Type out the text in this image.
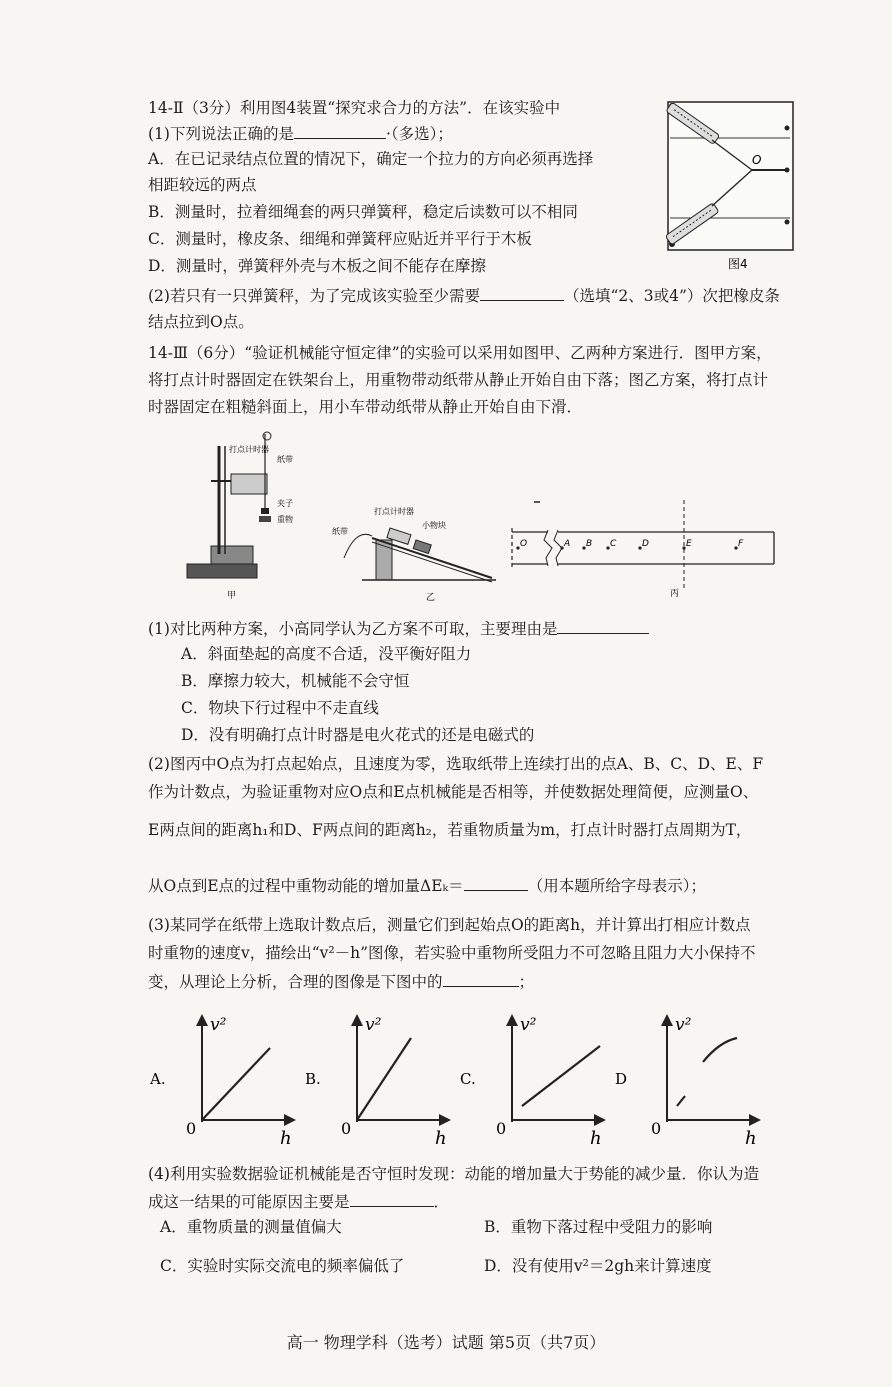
14-Ⅱ（3分）利用图4装置“探究求合力的方法”．在该实验中
(1)下列说法正确的是	·（多选）；
A．在已记录结点位置的情况下，确定一个拉力的方向必须再选择
相距较远的两点
B．测量时，拉着细绳套的两只弹簧秤，稳定后读数可以不相同
C．测量时，橡皮条、细绳和弹簧秤应贴近并平行于木板
D．测量时，弹簧秤外壳与木板之间不能存在摩擦
(2)若只有一只弹簧秤，为了完成该实验至少需要	（选填“2、3或4”）次把橡皮条
结点拉到O点。
O
图4
14-Ⅲ（6分）“验证机械能守恒定律”的实验可以采用如图甲、乙两种方案进行．图甲方案，
将打点计时器固定在铁架台上，用重物带动纸带从静止开始自由下落；图乙方案，将打点计
时器固定在粗糙斜面上，用小车带动纸带从静止开始自由下滑．
打点计时器
纸带
夹子
重物
甲
打点计时器
小物块
纸带
乙
O	A B C	D	E	F
丙
(1)对比两种方案，小高同学认为乙方案不可取，主要理由是
A．斜面垫起的高度不合适，没平衡好阻力
B．摩擦力较大，机械能不会守恒
C．物块下行过程中不走直线
D．没有明确打点计时器是电火花式的还是电磁式的
(2)图丙中O点为打点起始点，且速度为零，选取纸带上连续打出的点A、B、C、D、E、F
作为计数点，为验证重物对应O点和E点机械能是否相等，并使数据处理简便，应测量O、
E两点间的距离h₁和D、F两点间的距离h₂，若重物质量为m，打点计时器打点周期为T，
从O点到E点的过程中重物动能的增加量ΔEₖ＝	（用本题所给字母表示）；
(3)某同学在纸带上选取计数点后，测量它们到起始点O的距离h，并计算出打相应计数点
时重物的速度v，描绘出“v²－h”图像，若实验中重物所受阻力不可忽略且阻力大小保持不
变，从理论上分析，合理的图像是下图中的	；
A.
v²
h
0
B.
v²
h
0
C.
v²
h
0
D
v²
h
0
(4)利用实验数据验证机械能是否守恒时发现：动能的增加量大于势能的减少量．你认为造
成这一结果的可能原因主要是	．
A．重物质量的测量值偏大	B．重物下落过程中受阻力的影响
C．实验时实际交流电的频率偏低了	D．没有使用v²＝2gh来计算速度
高一 物理学科（选考）试题 第5页（共7页）
